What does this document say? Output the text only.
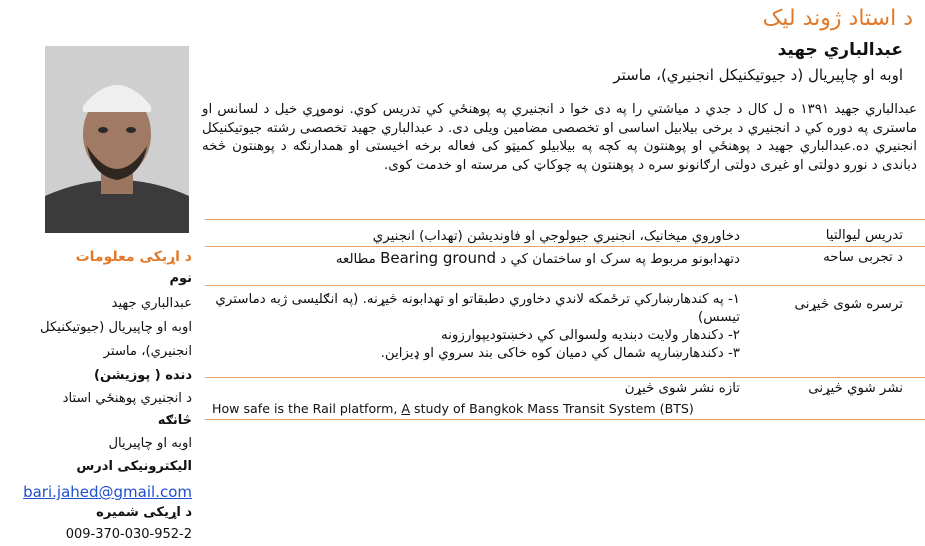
د استاد ژوند لیک
عبدالباري جهيد
اوبه او چاپيريال (د جيوتيکنيکل انجنيري)، ماستر
عبدالباري جهيد ۱۳۹۱ ه ل کال د جدي د مياشتي را په دی خوا د انجنيري په پوهنځي کي تدريس کوي. نوموړي خيل د لسانس او ماستری په دوره کي د انجنيري د برخی بيلابيل اساسی او تخصصی مضامين ويلی دی. د عبدالباري جهيد تخصصی رشته جيوتيکنيکل انجنيري ده.عبدالباري جهيد د پوهنځي او پوهنتون په کچه په بيلابيلو کميټو کی فعاله برخه اخيستی او همدارنګه د پوهنتون څخه دباندی د نورو دولتی او غيری دولتی ارګانونو سره د پوهنتون په چوکاټ کی مرسته او خدمت کوی.
د اړيکی معلومات
نوم
عبدالباري جهيد
اوبه او چاپيريال (جيوتيکنيکل
انجنيري)، ماستر
دنده ( پوزيشن)
د انجنيري پوهنځي استاد
څانګه
اوبه او چاپيريال
اليکترونيکی ادرس
bari.jahed@gmail.com
د اړيکی شميره
009-370-030-952-2
تدريس ليوالتيا
دخاوروي ميخانيک، انجنيري جيولوجي او فاونديشن (تهداب) انجنيري
د تجربی ساحه
دتهدابونو مربوط په سرک او ساختمان کي د Bearing ground مطالعه
ترسره شوی څيړنی
۱- په کندهارښارکي ترځمکه لاندي دخاوري دطبقاتو او تهدابونه څيړنه. (په انګليسی ژبه دماستري تيسس)
۲- دکندهار ولايت دبنديه ولسوالی کي دخښتوديپوارزونه
۳- دکندهارښارپه شمال کي دميان کوه خاکی بند سروي او ډيزاين.
نشر شوي څيړنی
تازه نشر شوی څيړن
How safe is the Rail platform, A study of Bangkok Mass Transit System (BTS)
